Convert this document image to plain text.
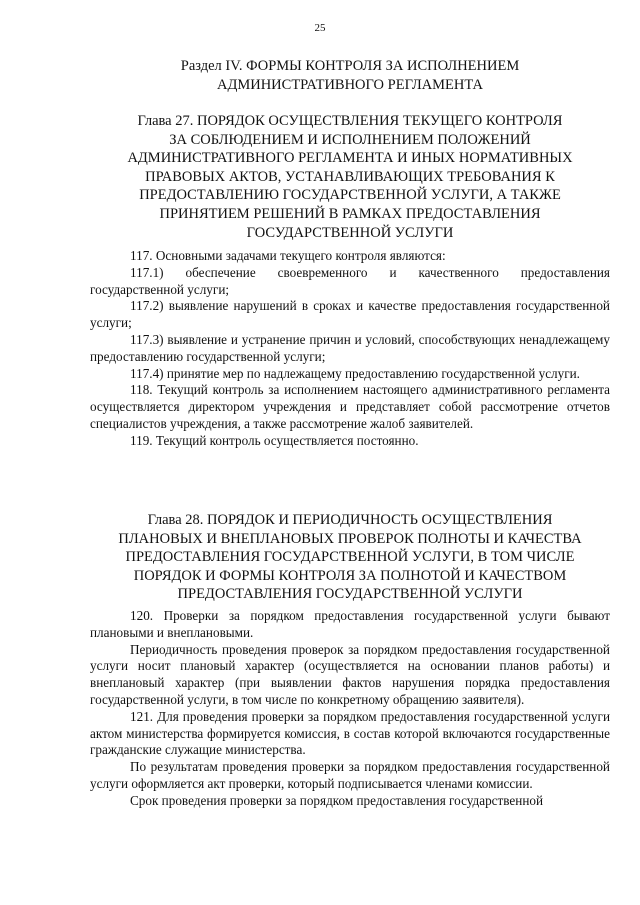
25
Раздел IV. ФОРМЫ КОНТРОЛЯ ЗА ИСПОЛНЕНИЕМ
АДМИНИСТРАТИВНОГО РЕГЛАМЕНТА
Глава 27. ПОРЯДОК ОСУЩЕСТВЛЕНИЯ ТЕКУЩЕГО КОНТРОЛЯ
ЗА СОБЛЮДЕНИЕМ И ИСПОЛНЕНИЕМ ПОЛОЖЕНИЙ
АДМИНИСТРАТИВНОГО РЕГЛАМЕНТА И ИНЫХ НОРМАТИВНЫХ
ПРАВОВЫХ АКТОВ, УСТАНАВЛИВАЮЩИХ ТРЕБОВАНИЯ К
ПРЕДОСТАВЛЕНИЮ ГОСУДАРСТВЕННОЙ УСЛУГИ, А ТАКЖЕ
ПРИНЯТИЕМ РЕШЕНИЙ В РАМКАХ ПРЕДОСТАВЛЕНИЯ
ГОСУДАРСТВЕННОЙ УСЛУГИ

117. Основными задачами текущего контроля являются:

117.1) обеспечение своевременного и качественного предоставления государственной услуги;

117.2) выявление нарушений в сроках и качестве предоставления государственной услуги;

117.3) выявление и устранение причин и условий, способствующих ненадлежащему предоставлению государственной услуги;

117.4) принятие мер по надлежащему предоставлению государственной услуги.

118. Текущий контроль за исполнением настоящего административного регламента осуществляется директором учреждения и представляет собой рассмотрение отчетов специалистов учреждения, а также рассмотрение жалоб заявителей.

119. Текущий контроль осуществляется постоянно.

Глава 28. ПОРЯДОК И ПЕРИОДИЧНОСТЬ ОСУЩЕСТВЛЕНИЯ
ПЛАНОВЫХ И ВНЕПЛАНОВЫХ ПРОВЕРОК ПОЛНОТЫ И КАЧЕСТВА
ПРЕДОСТАВЛЕНИЯ ГОСУДАРСТВЕННОЙ УСЛУГИ, В ТОМ ЧИСЛЕ
ПОРЯДОК И ФОРМЫ КОНТРОЛЯ ЗА ПОЛНОТОЙ И КАЧЕСТВОМ
ПРЕДОСТАВЛЕНИЯ ГОСУДАРСТВЕННОЙ УСЛУГИ

120. Проверки за порядком предоставления государственной услуги бывают плановыми и внеплановыми.

Периодичность проведения проверок за порядком предоставления государственной услуги носит плановый характер (осуществляется на основании планов работы) и внеплановый характер (при выявлении фактов нарушения порядка предоставления государственной услуги, в том числе по конкретному обращению заявителя).

121. Для проведения проверки за порядком предоставления государственной услуги актом министерства формируется комиссия, в состав которой включаются государственные гражданские служащие министерства.

По результатам проведения проверки за порядком предоставления государственной услуги оформляется акт проверки, который подписывается членами комиссии.

Срок проведения проверки за порядком предоставления государственной
